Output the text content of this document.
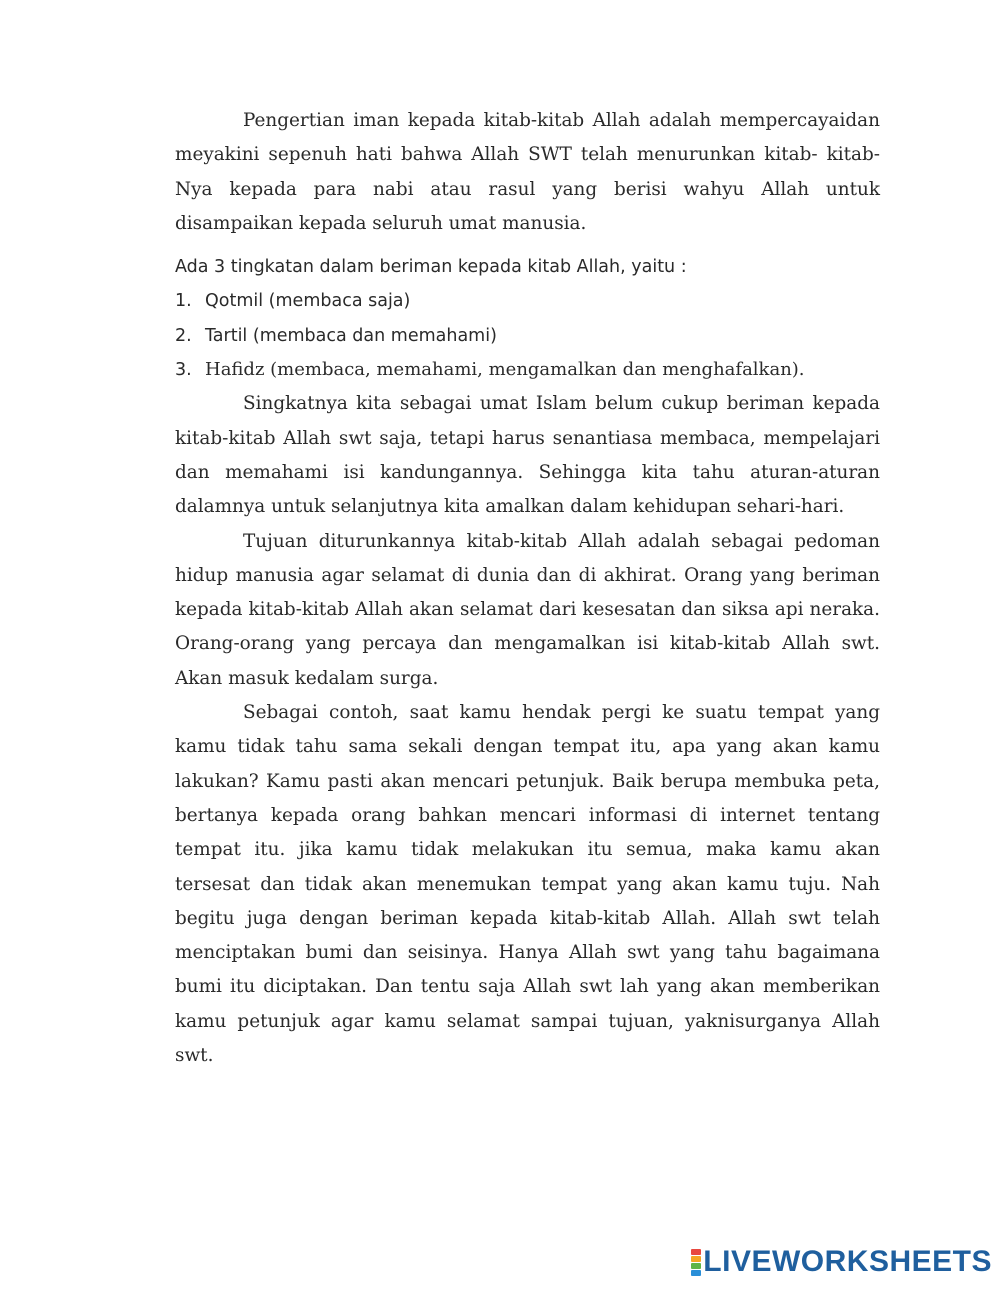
Pengertian iman kepada kitab-kitab Allah adalah mempercayaidan meyakini sepenuh hati bahwa Allah SWT telah menurunkan kitab- kitab-Nya kepada para nabi atau rasul yang berisi wahyu Allah untuk disampaikan kepada seluruh umat manusia.

Ada 3 tingkatan dalam beriman kepada kitab Allah, yaitu :

1. Qotmil (membaca saja)
2. Tartil (membaca dan memahami)
3. Hafidz (membaca, memahami, mengamalkan dan menghafalkan).

Singkatnya kita sebagai umat Islam belum cukup beriman kepada kitab-kitab Allah swt saja, tetapi harus senantiasa membaca, mempelajari dan memahami isi kandungannya. Sehingga kita tahu aturan-aturan dalamnya untuk selanjutnya kita amalkan dalam kehidupan sehari-hari.

Tujuan diturunkannya kitab-kitab Allah adalah sebagai pedoman hidup manusia agar selamat di dunia dan di akhirat. Orang yang beriman kepada kitab-kitab Allah akan selamat dari kesesatan dan siksa api neraka. Orang-orang yang percaya dan mengamalkan isi kitab-kitab Allah swt. Akan masuk kedalam surga.

Sebagai contoh, saat kamu hendak pergi ke suatu tempat yang kamu tidak tahu sama sekali dengan tempat itu, apa yang akan kamu lakukan? Kamu pasti akan mencari petunjuk. Baik berupa membuka peta, bertanya kepada orang bahkan mencari informasi di internet tentang tempat itu. jika kamu tidak melakukan itu semua, maka kamu akan tersesat dan tidak akan menemukan tempat yang akan kamu tuju. Nah begitu juga dengan beriman kepada kitab-kitab Allah. Allah swt telah menciptakan bumi dan seisinya. Hanya Allah swt yang tahu bagaimana bumi itu diciptakan. Dan tentu saja Allah swt lah yang akan memberikan kamu petunjuk agar kamu selamat sampai tujuan, yaknisurganya Allah swt.

LIVEWORKSHEETS
